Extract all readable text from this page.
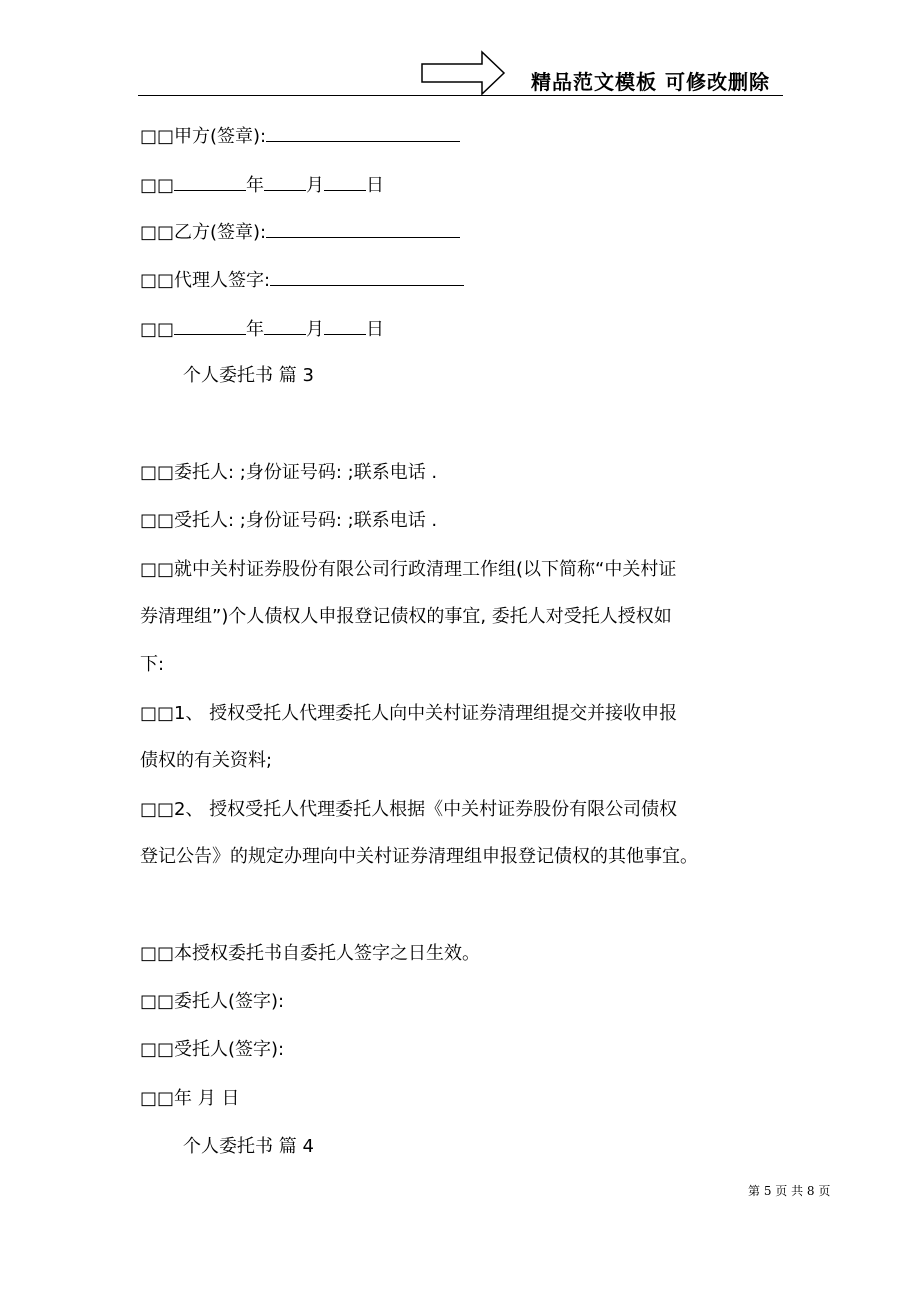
精品范文模板 可修改删除
□□甲方(签章):
□□	年 月 日
□□乙方(签章):
□□代理人签字:
□□	年 月 日
个人委托书 篇 3
□□委托人: ;身份证号码: ;联系电话 .
□□受托人: ;身份证号码: ;联系电话 .
□□就中关村证券股份有限公司行政清理工作组(以下简称“中关村证
券清理组”)个人债权人申报登记债权的事宜, 委托人对受托人授权如
下:
□□1、 授权受托人代理委托人向中关村证券清理组提交并接收申报
债权的有关资料;
□□2、 授权受托人代理委托人根据《中关村证券股份有限公司债权
登记公告》的规定办理向中关村证券清理组申报登记债权的其他事宜。
□□本授权委托书自委托人签字之日生效。
□□委托人(签字):
□□受托人(签字):
□□年 月 日
个人委托书 篇 4
第 5 页 共 8 页
